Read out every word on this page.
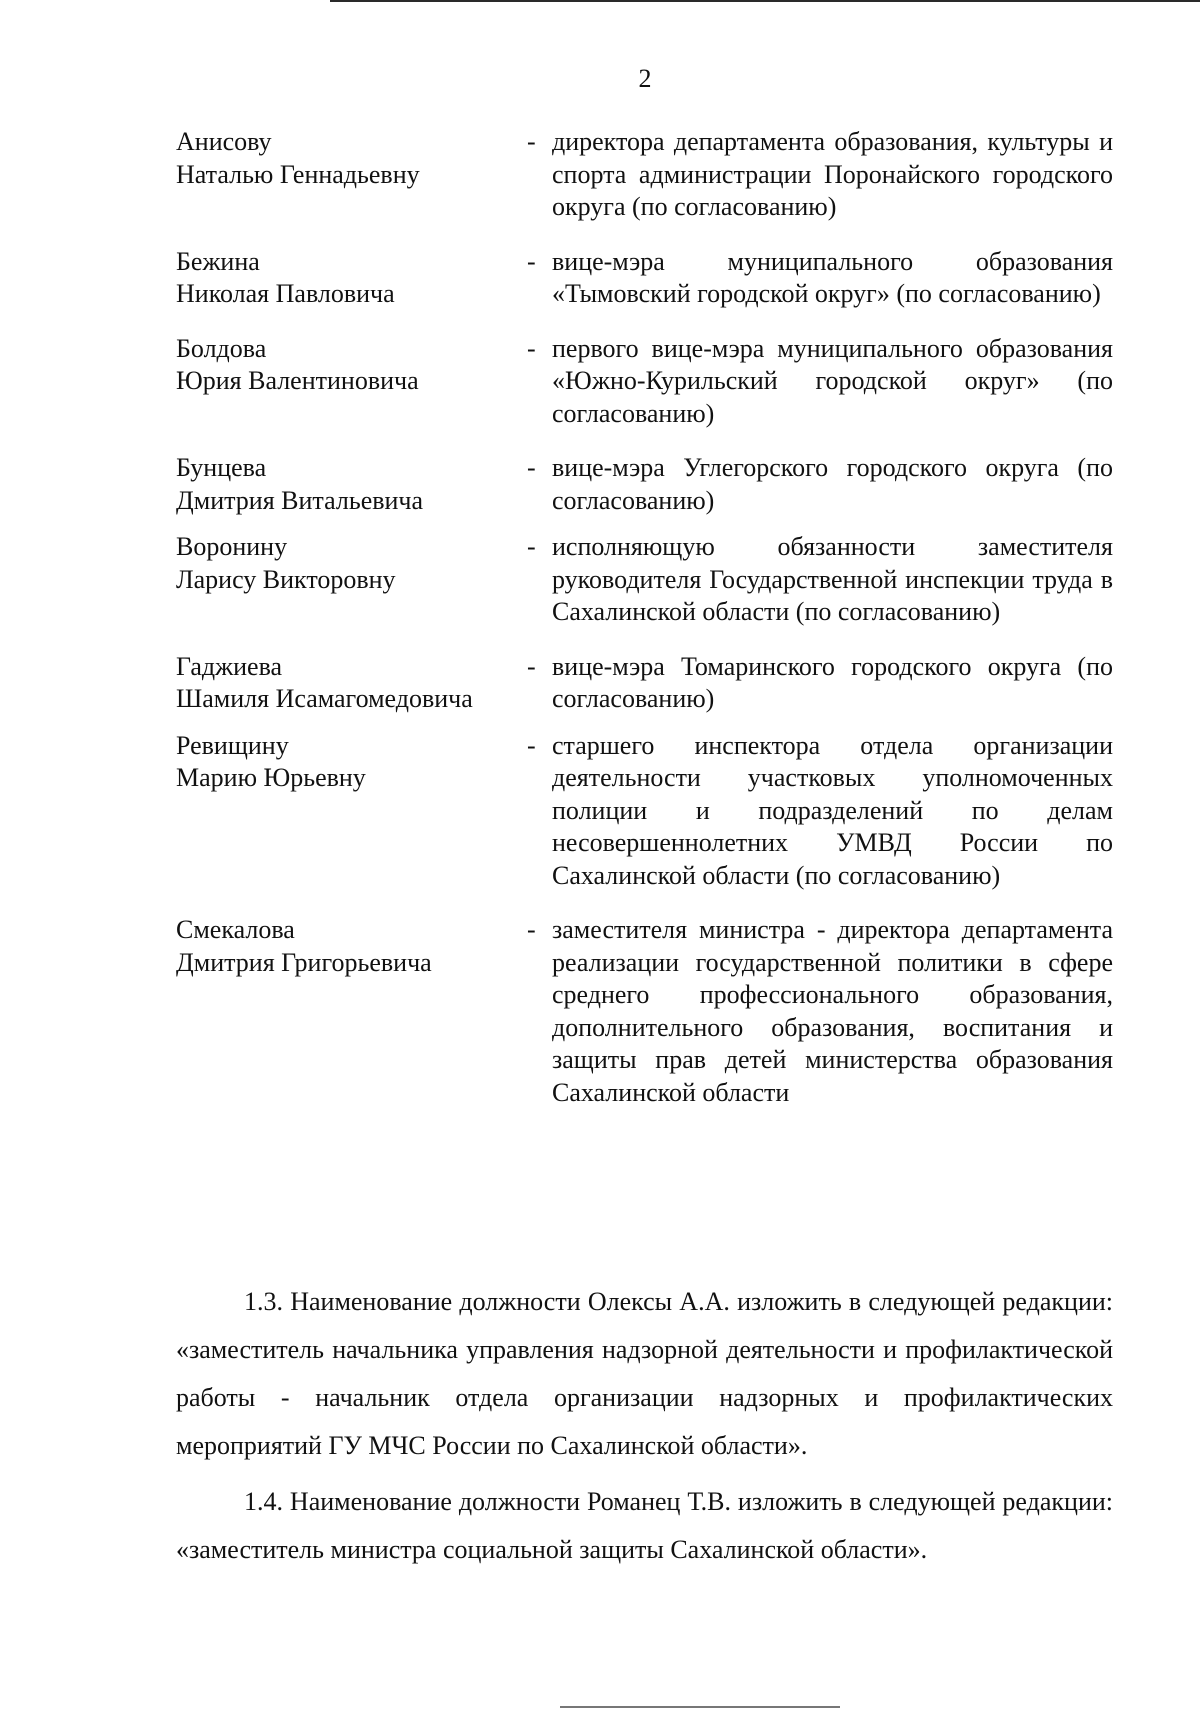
2
Анисову
Наталью Геннадьевну
- директора департамента образования, культуры и спорта администрации Поронайского городского округа (по согласованию)
Бежина
Николая Павловича
- вице-мэра муниципального образования «Тымовский городской округ» (по согласованию)
Болдова
Юрия Валентиновича
- первого вице-мэра муниципального образования «Южно-Курильский городской округ» (по согласованию)
Бунцева
Дмитрия Витальевича
- вице-мэра Углегорского городского округа (по согласованию)
Воронину
Ларису Викторовну
- исполняющую обязанности заместителя руководителя Государственной инспекции труда в Сахалинской области (по согласованию)
Гаджиева
Шамиля Исамагомедовича
- вице-мэра Томаринского городского округа (по согласованию)
Ревищину
Марию Юрьевну
- старшего инспектора отдела организации деятельности участковых уполномоченных полиции и подразделений по делам несовершеннолетних УМВД России по Сахалинской области (по согласованию)
Смекалова
Дмитрия Григорьевича
- заместителя министра - директора департамента реализации государственной политики в сфере среднего профессионального образования, дополнительного образования, воспитания и защиты прав детей министерства образования Сахалинской области

1.3. Наименование должности Олексы А.А. изложить в следующей редакции: «заместитель начальника управления надзорной деятельности и профилактической работы - начальник отдела организации надзорных и профилактических мероприятий ГУ МЧС России по Сахалинской области».

1.4. Наименование должности Романец Т.В. изложить в следующей редакции: «заместитель министра социальной защиты Сахалинской области».
